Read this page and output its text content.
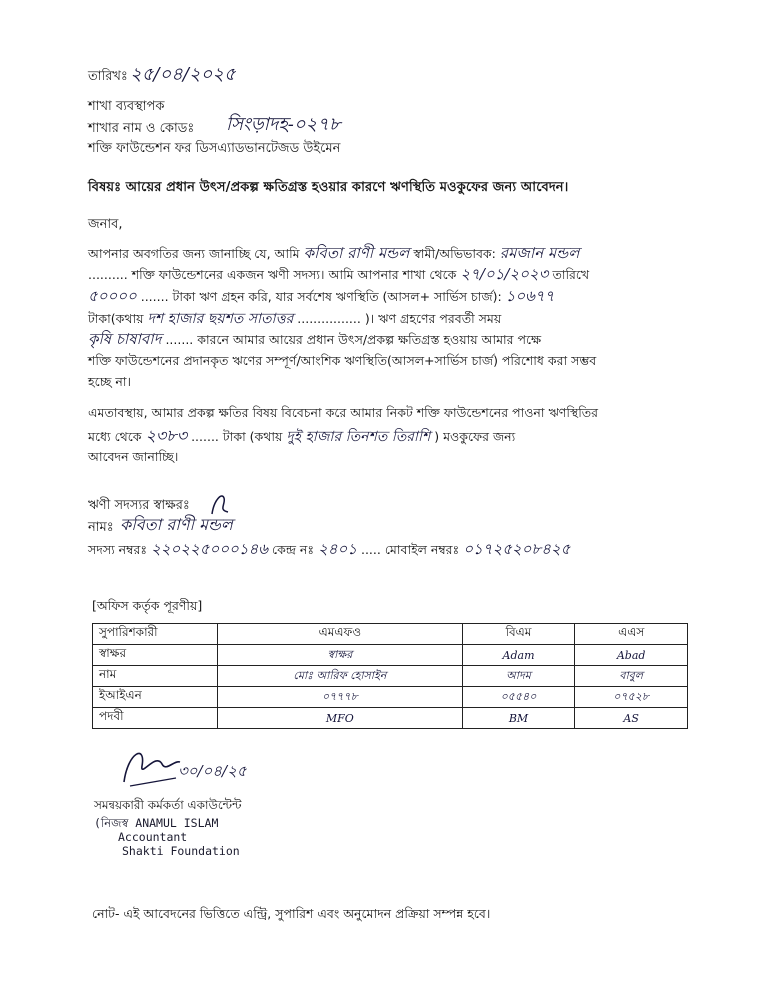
তারিখঃ ২৫/০৪/২০২৫
শাখা ব্যবস্থাপক
শাখার নাম ও কোডঃ সিংড়াদহ-০২৭৮
শক্তি ফাউন্ডেশন ফর ডিসএ্যাডভানটেজড উইমেন
বিষয়ঃ আয়ের প্রধান উৎস/প্রকল্প ক্ষতিগ্রস্ত হওয়ার কারণে ঋণস্থিতি মওকুফের জন্য আবেদন।
জনাব,
আপনার অবগতির জন্য জানাচ্ছি যে, আমি কবিতা রাণী মন্ডল স্বামী/অভিভাবক: রমজান মন্ডল
.......... শক্তি ফাউন্ডেশনের একজন ঋণী সদস্য। আমি আপনার শাখা থেকে ২৭/০১/২০২৩ তারিখে
৫০০০০ ....... টাকা ঋণ গ্রহন করি, যার সর্বশেষ ঋণস্থিতি (আসল+ সার্ভিস চার্জ): ১০৬৭৭
টাকা(কথায় দশ হাজার ছয়শত সাতাত্তর ................ )। ঋণ গ্রহণের পরবর্তী সময়
কৃষি চাষাবাদ ....... কারনে আমার আয়ের প্রধান উৎস/প্রকল্প ক্ষতিগ্রস্ত হওয়ায় আমার পক্ষে
শক্তি ফাউন্ডেশনের প্রদানকৃত ঋণের সম্পূর্ণ/আংশিক ঋণস্থিতি(আসল+সার্ভিস চার্জ) পরিশোধ করা সম্ভব
হচ্ছে না।
এমতাবস্থায়, আমার প্রকল্প ক্ষতির বিষয় বিবেচনা করে আমার নিকট শক্তি ফাউন্ডেশনের পাওনা ঋণস্থিতির
মধ্যে থেকে ২৩৮৩ ....... টাকা (কথায় দুই হাজার তিনশত তিরাশি ) মওকুফের জন্য
আবেদন জানাচ্ছি।
ঋণী সদস্যর স্বাক্ষরঃ
নামঃ কবিতা রাণী মন্ডল
সদস্য নম্বরঃ ২২০২২৫০০০১৪৬ কেন্দ্র নঃ ২৪০১ ..... মোবাইল নম্বরঃ ০১৭২৫২০৮৪২৫
[অফিস কর্তৃক পূরণীয়]
সুপারিশকারী	এমএফও	বিএম	এএস
স্বাক্ষর	স্বাক্ষর	Adam	Abad
নাম	মোঃ আরিফ হোসাইন	আদম	বাবুল
ইআইএন	০৭৭৭৮	০৫৫৪০	০৭৫২৮
পদবী	MFO	BM	AS
৩০/০৪/২৫
সমন্বয়কারী কর্মকর্তা একাউন্টেন্ট
(নিজস্ব ANAMUL ISLAM
Accountant
Shakti Foundation
নোট- এই আবেদনের ভিত্তিতে এন্ট্রি, সুপারিশ এবং অনুমোদন প্রক্রিয়া সম্পন্ন হবে।
